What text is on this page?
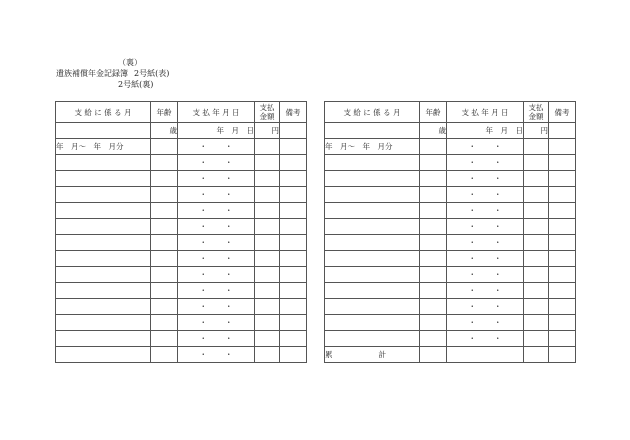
（裏）
遺族補償年金記録簿 2号紙(表)
2号紙(裏)
支 給 に 係 る 月	年齢	支 払 年 月 日	支払
金額	備考
	歳	年　月　日	円	
年　月～　年　月分		・ ・		
		・ ・		
		・ ・		
		・ ・		
		・ ・		
		・ ・		
		・ ・		
		・ ・		
		・ ・		
		・ ・		
		・ ・		
		・ ・		
		・ ・		
		・ ・		
支 給 に 係 る 月	年齢	支 払 年 月 日	支払
金額	備考
	歳	年　月　日	円	
年　月～　年　月分		・ ・		
		・ ・		
		・ ・		
		・ ・		
		・ ・		
		・ ・		
		・ ・		
		・ ・		
		・ ・		
		・ ・		
		・ ・		
		・ ・		
		・ ・		
累 計				
